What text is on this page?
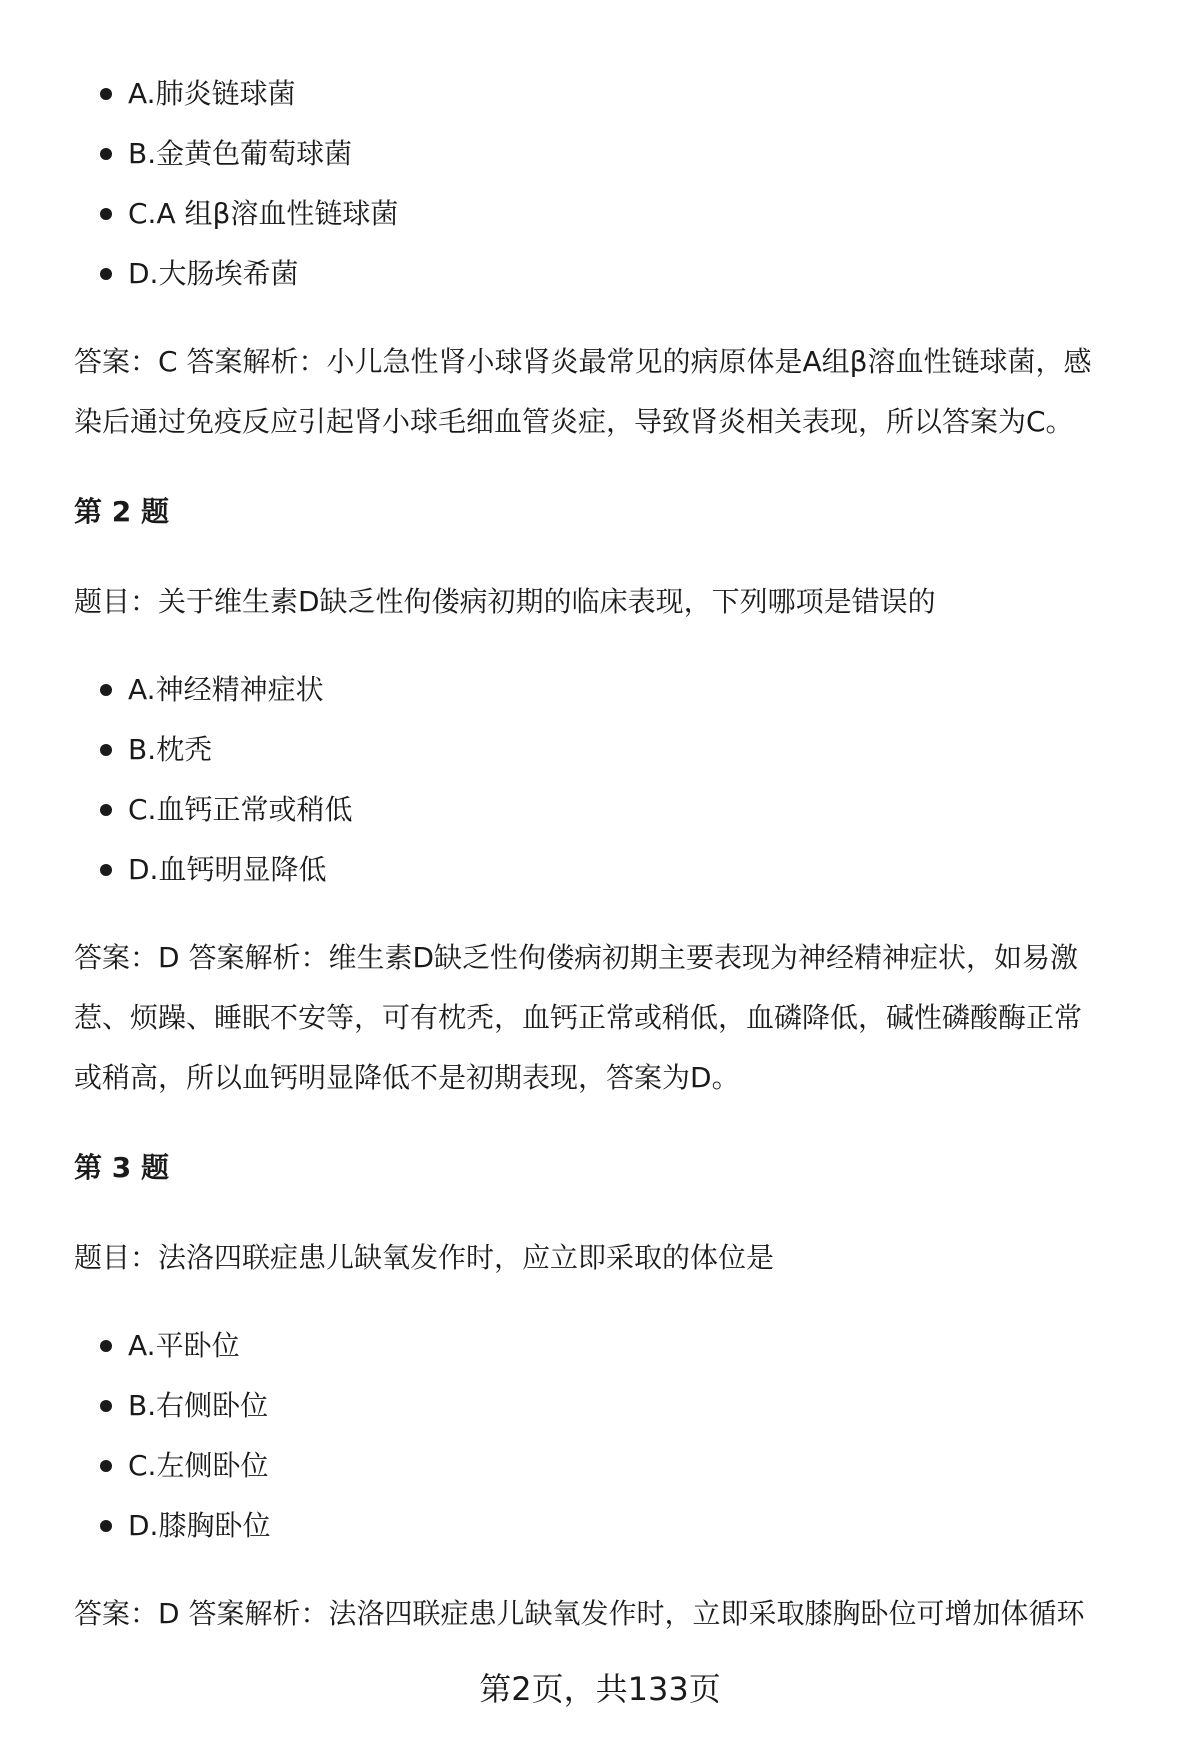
A.肺炎链球菌
B.金黄色葡萄球菌
C.A 组β溶血性链球菌
D.大肠埃希菌

答案：C 答案解析：小儿急性肾小球肾炎最常见的病原体是A组β溶血性链球菌，感

染后通过免疫反应引起肾小球毛细血管炎症，导致肾炎相关表现，所以答案为C。

第 2 题

题目：关于维生素D缺乏性佝偻病初期的临床表现，下列哪项是错误的

A.神经精神症状
B.枕秃
C.血钙正常或稍低
D.血钙明显降低

答案：D 答案解析：维生素D缺乏性佝偻病初期主要表现为神经精神症状，如易激

惹、烦躁、睡眠不安等，可有枕秃，血钙正常或稍低，血磷降低，碱性磷酸酶正常

或稍高，所以血钙明显降低不是初期表现，答案为D。

第 3 题

题目：法洛四联症患儿缺氧发作时，应立即采取的体位是

A.平卧位
B.右侧卧位
C.左侧卧位
D.膝胸卧位

答案：D 答案解析：法洛四联症患儿缺氧发作时，立即采取膝胸卧位可增加体循环

第2页，共133页
